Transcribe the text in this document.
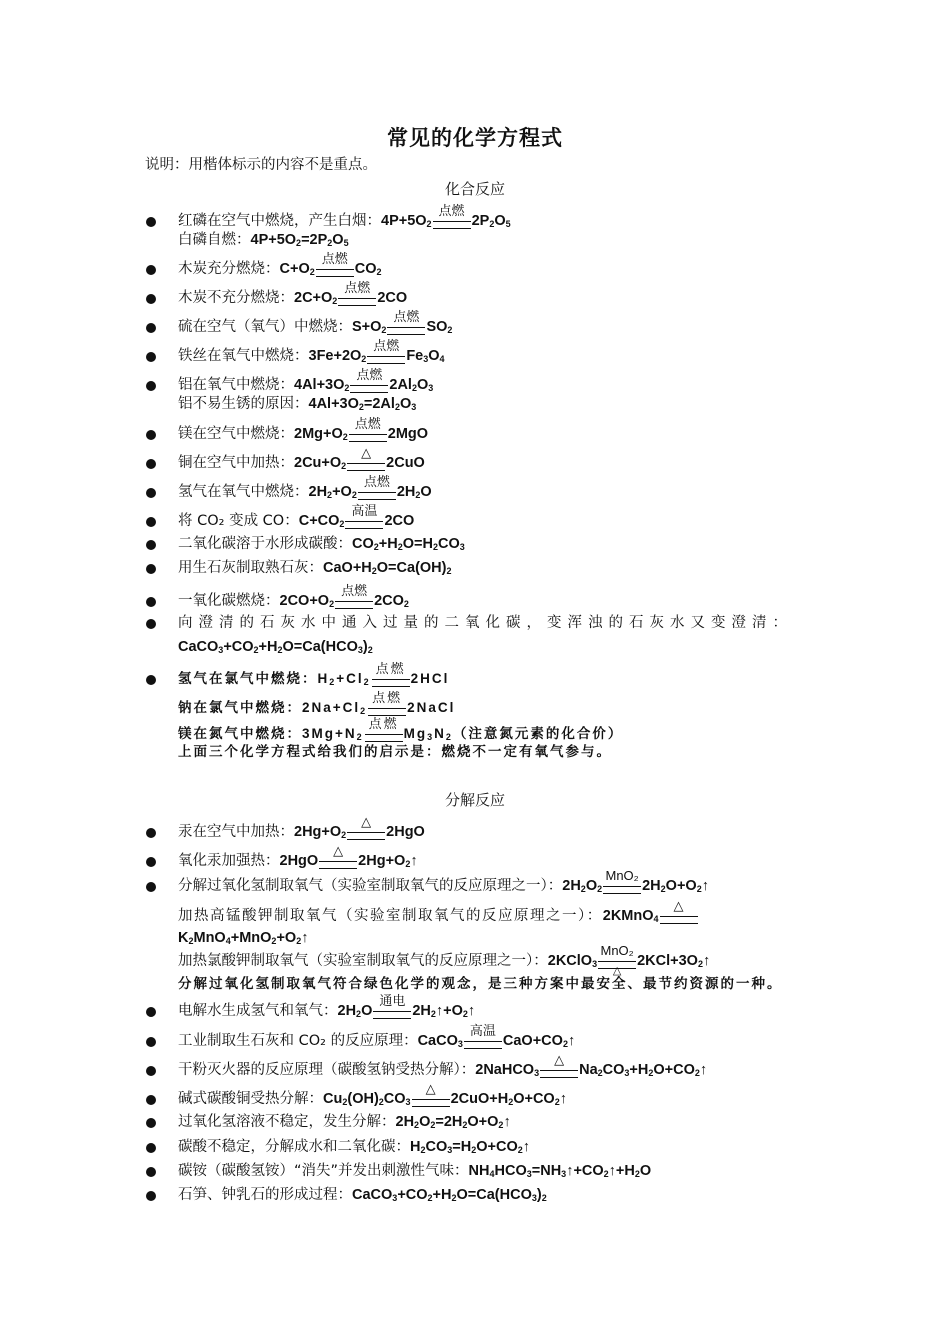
常见的化学方程式
说明：用楷体标示的内容不是重点。
化合反应
红磷在空气中燃烧，产生白烟：$4P+5O_2$
点燃
$2P_2O_5$
白磷自燃：$4P+5O_2=2P_2O_5$
木炭充分燃烧：$C+O_2$
点燃
$CO_2$
木炭不充分燃烧：$2C+O_2$
点燃
2CO
硫在空气（氧气）中燃烧：$S+O_2$
点燃
$SO_2$
铁丝在氧气中燃烧：$3Fe+2O_2$
点燃
$Fe_3O_4$
铝在氧气中燃烧：$4Al+3O_2$
点燃
$2Al_2O_3$
铝不易生锈的原因：$4Al+3O_2=2Al_2O_3$
镁在空气中燃烧：$2Mg+O_2$
点燃
2MgO
铜在空气中加热：$2Cu+O_2$
△
2CuO
氢气在氧气中燃烧：$2H_2+O_2$
点燃
$2H_2O$
将 CO₂ 变成 CO：$C+CO_2$
高温
2CO
二氧化碳溶于水形成碳酸：$CO_2+H_2O=H_2CO_3$
用生石灰制取熟石灰：$CaO+H_2O=Ca(OH)_2$
一氧化碳燃烧：$2CO+O_2$
点燃
$2CO_2$
向澄清的石灰水中通入过量的二氧化碳，变浑浊的石灰水又变澄清：
$CaCO_3+CO_2+H_2O=Ca(HCO_3)_2$
氢气在氯气中燃烧：$H_2+Cl_2$
点燃
2HCl
钠在氯气中燃烧：$2Na+Cl_2$
点燃
2NaCl
镁在氮气中燃烧：$3Mg+N_2$
点燃
$Mg_3N_2$（注意氮元素的化合价）
上面三个化学方程式给我们的启示是：燃烧不一定有氧气参与。
分解反应
汞在空气中加热：$2Hg+O_2$
△
2HgO
氧化汞加强热：2HgO
△
$2Hg+O_2↑$
分解过氧化氢制取氧气（实验室制取氧气的反应原理之一）：$2H_2O_2$
MnO₂
$2H_2O+O_2↑$
加热高锰酸钾制取氧气（实验室制取氧气的反应原理之一）：2KMnO$_4$
△
$K_2MnO_4+MnO_2+O_2↑$
加热氯酸钾制取氧气（实验室制取氧气的反应原理之一）：2KClO$_3$
MnO₂
△
$2KCl+3O_2↑$
分解过氧化氢制取氧气符合绿色化学的观念，是三种方案中最安全、最节约资源的一种。
电解水生成氢气和氧气：$2H_2O$
通电
$2H_2↑+O_2↑$
工业制取生石灰和 CO₂ 的反应原理：CaCO$_3$
高温
$CaO+CO_2↑$
干粉灭火器的反应原理（碳酸氢钠受热分解）：2NaHCO$_3$
△
$Na_2CO_3+H_2O+CO_2↑$
碱式碳酸铜受热分解：$Cu_2(OH)_2CO_3$
△
$2CuO+H_2O+CO_2↑$
过氧化氢溶液不稳定，发生分解：$2H_2O_2=2H_2O+O_2↑$
碳酸不稳定，分解成水和二氧化碳：$H_2CO_3=H_2O+CO_2↑$
碳铵（碳酸氢铵）“消失”并发出刺激性气味：$NH_4HCO_3=NH_3↑+CO_2↑+H_2O$
石笋、钟乳石的形成过程：$CaCO_3+CO_2+H_2O=Ca(HCO_3)_2$
